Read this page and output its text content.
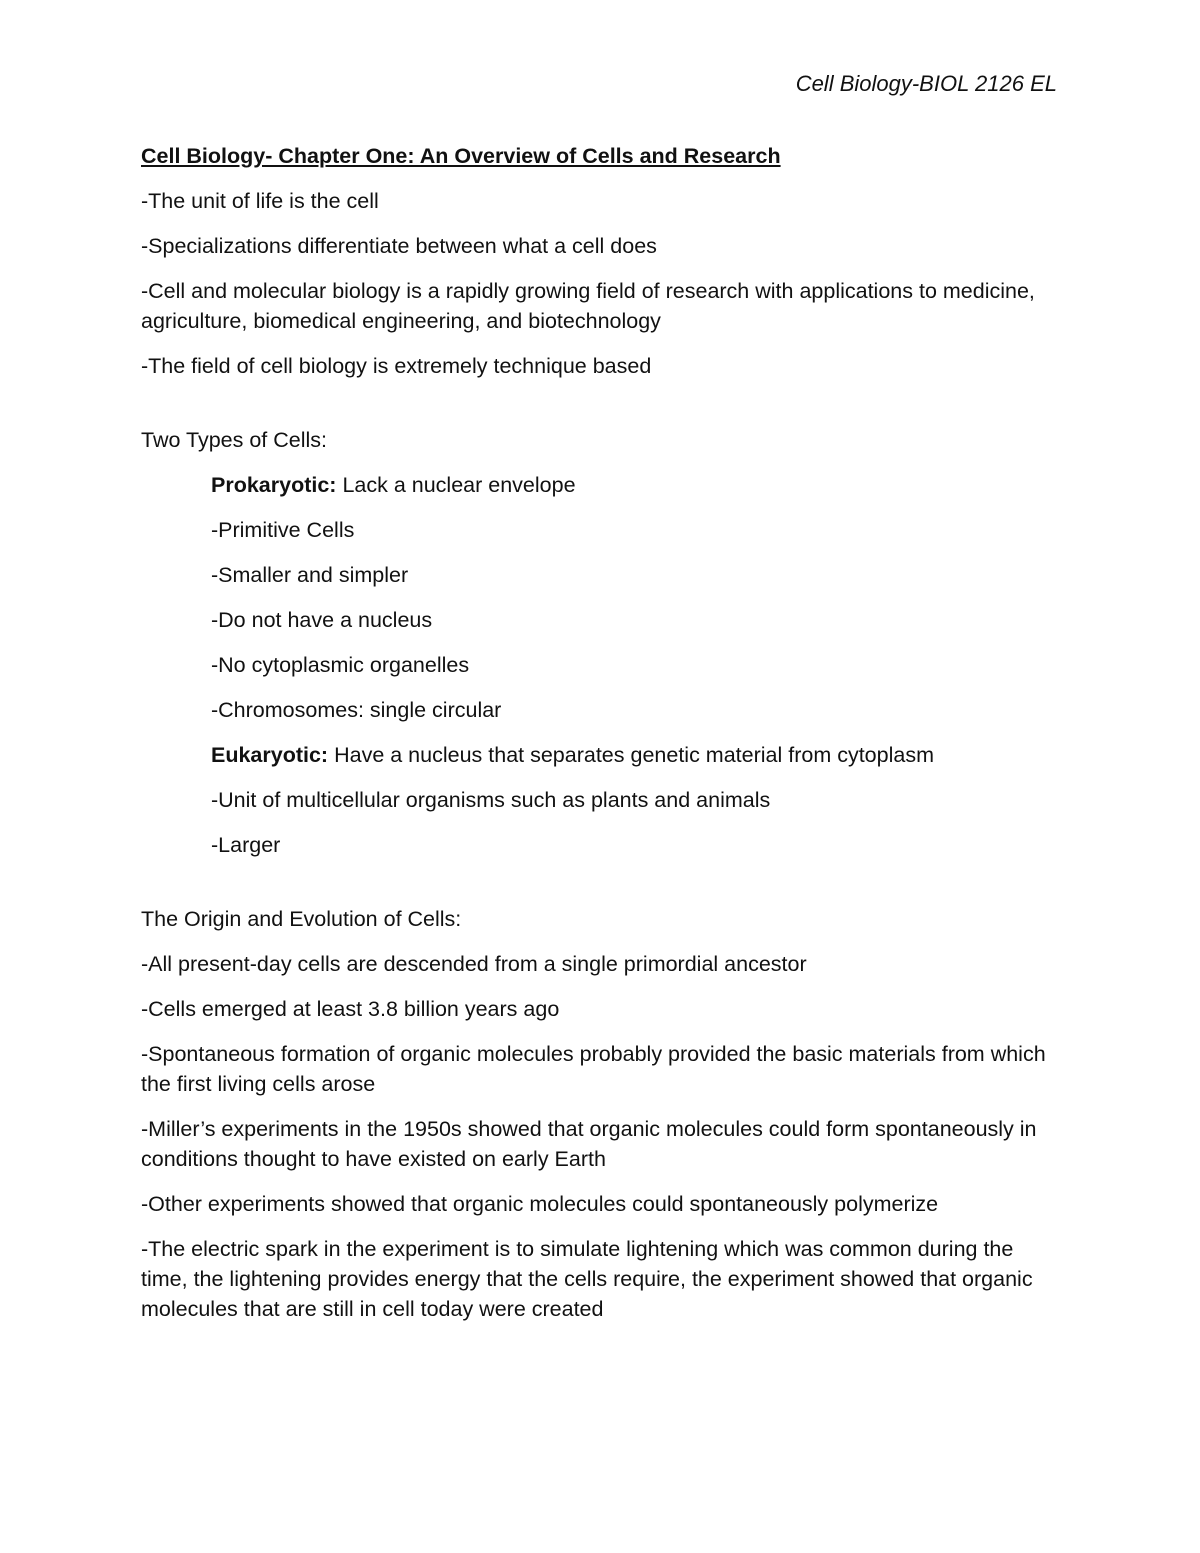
Cell Biology-BIOL 2126 EL

Cell Biology- Chapter One: An Overview of Cells and Research

-The unit of life is the cell

-Specializations differentiate between what a cell does

-Cell and molecular biology is a rapidly growing field of research with applications to medicine, agriculture, biomedical engineering, and biotechnology

-The field of cell biology is extremely technique based

Two Types of Cells:

Prokaryotic: Lack a nuclear envelope

-Primitive Cells

-Smaller and simpler

-Do not have a nucleus

-No cytoplasmic organelles

-Chromosomes: single circular

Eukaryotic: Have a nucleus that separates genetic material from cytoplasm

-Unit of multicellular organisms such as plants and animals

-Larger

The Origin and Evolution of Cells:

-All present-day cells are descended from a single primordial ancestor

-Cells emerged at least 3.8 billion years ago

-Spontaneous formation of organic molecules probably provided the basic materials from which the first living cells arose

-Miller’s experiments in the 1950s showed that organic molecules could form spontaneously in conditions thought to have existed on early Earth

-Other experiments showed that organic molecules could spontaneously polymerize

-The electric spark in the experiment is to simulate lightening which was common during the time, the lightening provides energy that the cells require, the experiment showed that organic molecules that are still in cell today were created
